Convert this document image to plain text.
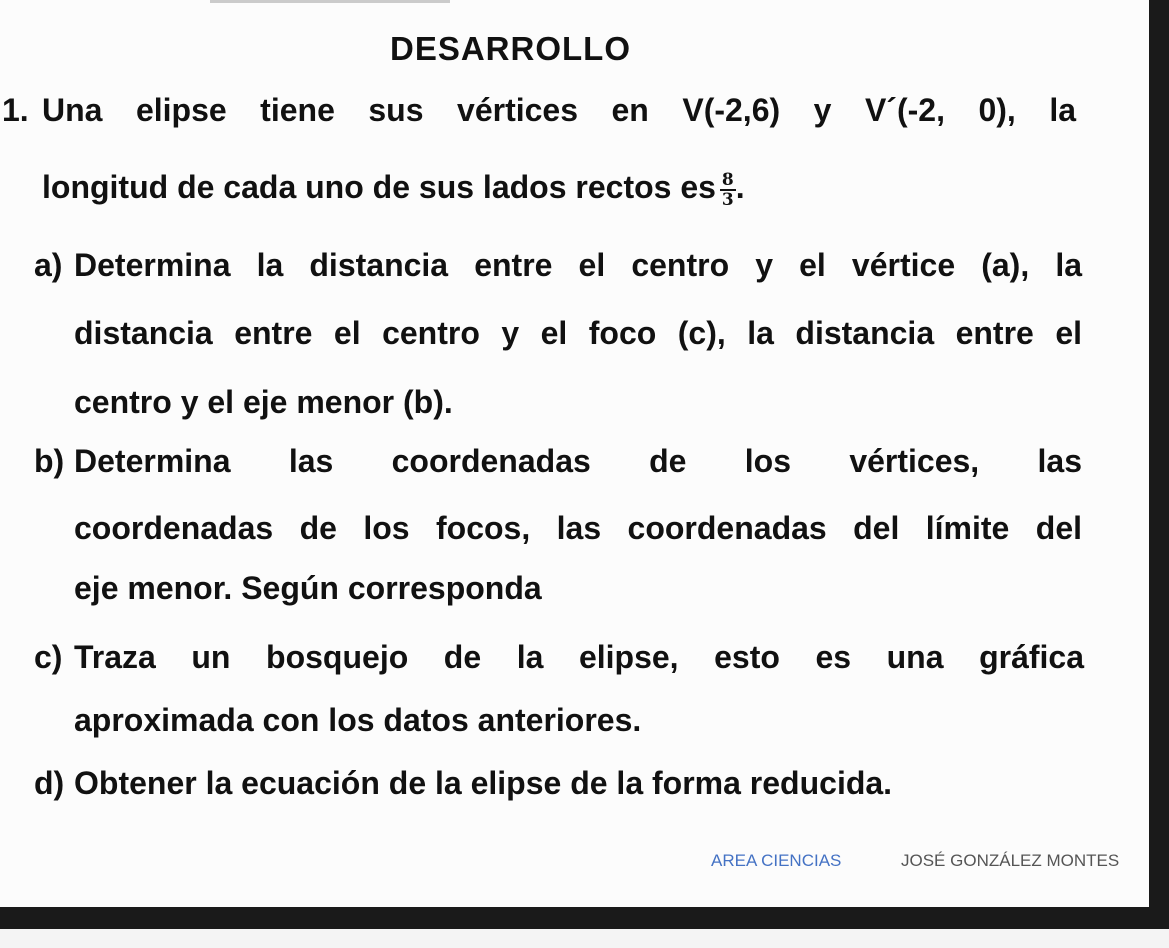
DESARROLLO
1. Una elipse tiene sus vértices en V(-2,6) y V´(-2, 0), la
longitud de cada uno de sus lados rectos es $\frac{8}{3}$ .
a) Determina la distancia entre el centro y el vértice (a), la
distancia entre el centro y el foco (c), la distancia entre el
centro y el eje menor (b).
b) Determina las coordenadas de los vértices, las
coordenadas de los focos, las coordenadas del límite del
eje menor. Según corresponda
c) Traza un bosquejo de la elipse, esto es una gráfica
aproximada con los datos anteriores.
d) Obtener la ecuación de la elipse de la forma reducida.
AREA CIENCIAS	JOSÉ GONZÁLEZ MONTES
